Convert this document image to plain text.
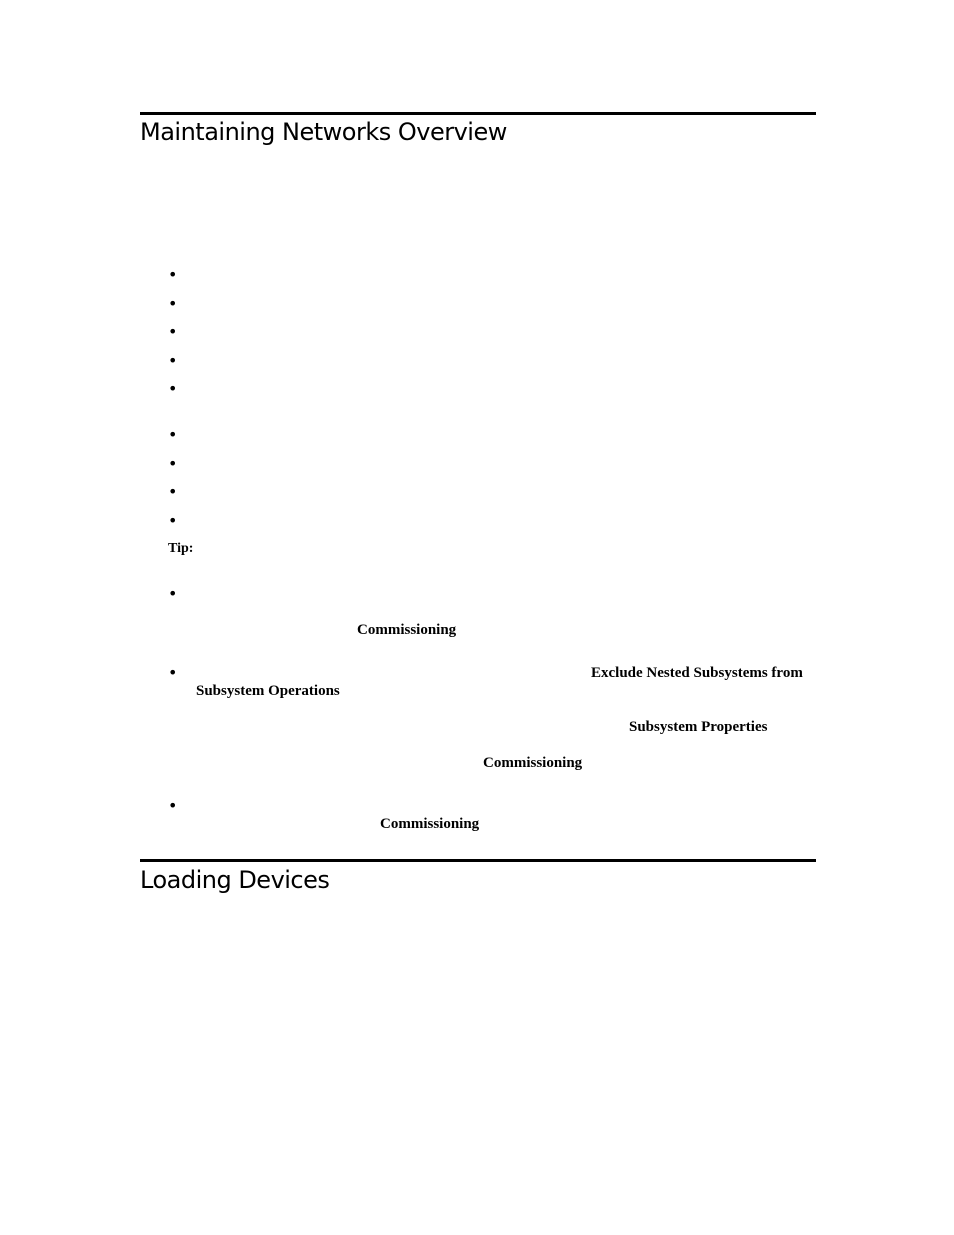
Maintaining Networks Overview
•
•
•
•
•
•
•
•
•
Tip:
•
Commissioning
•	Exclude Nested Subsystems from
Subsystem Operations
Subsystem Properties
Commissioning
•
Commissioning
Loading Devices
